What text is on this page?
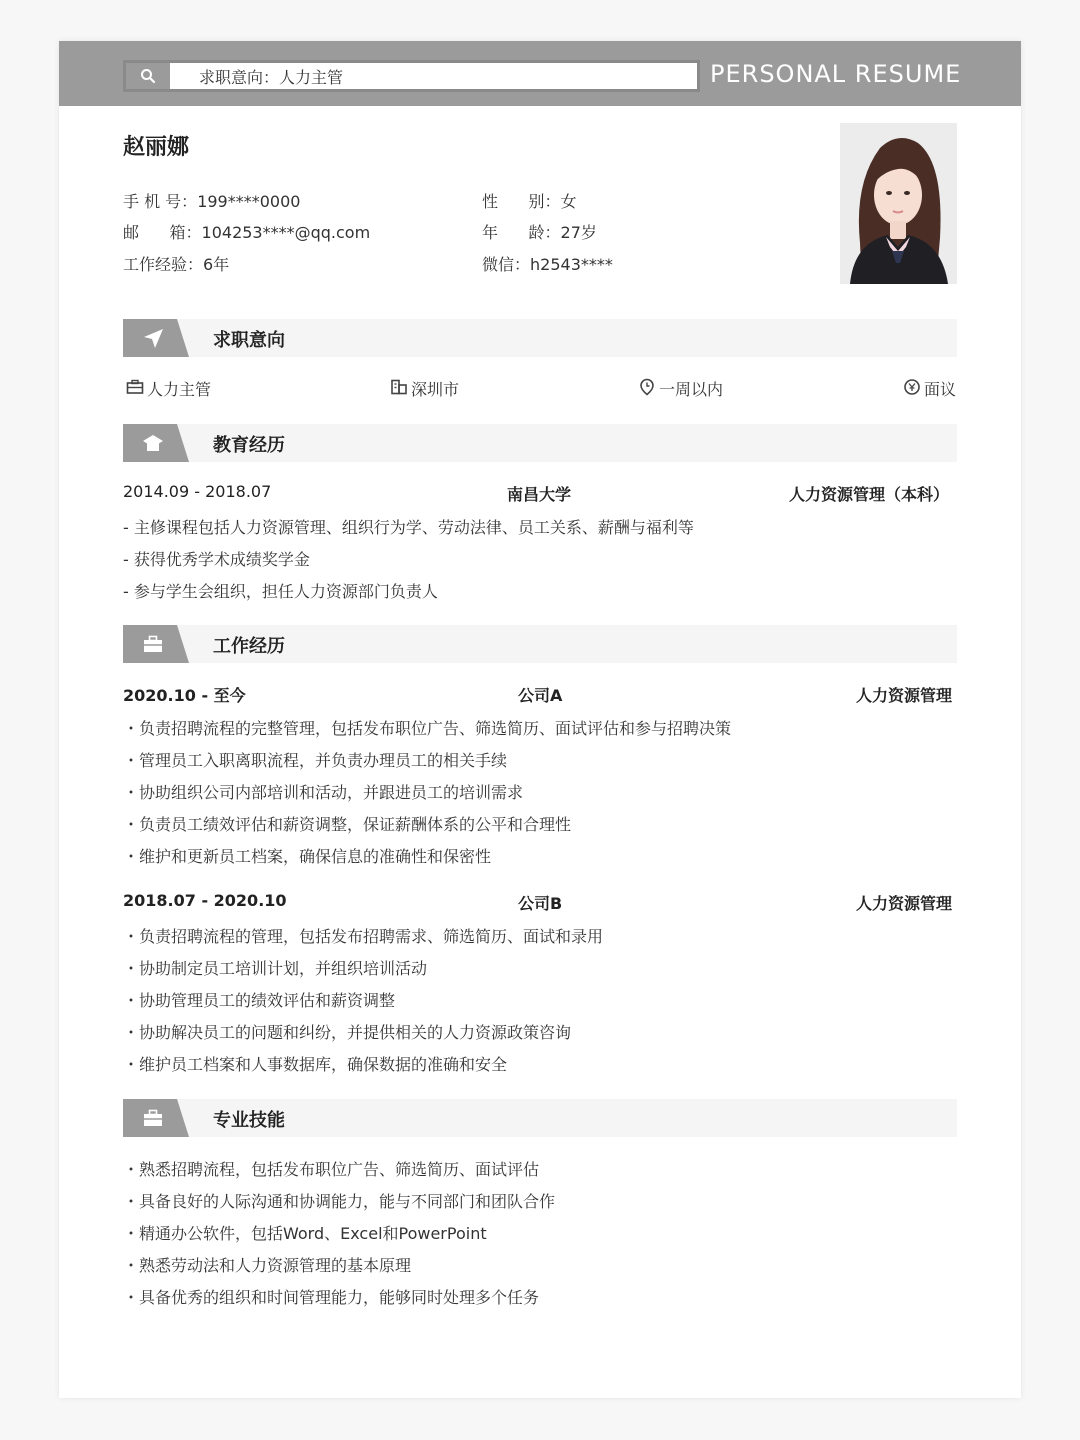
求职意向：人力主管	PERSONAL RESUME
赵丽娜
手 机 号：199****0000
邮      箱：104253****@qq.com
工作经验：6年
性      别：女
年      龄：27岁
微信：h2543****
求职意向
人力主管	深圳市	一周以内	面议
教育经历
2014.09 - 2018.07	南昌大学	人力资源管理（本科）
- 主修课程包括人力资源管理、组织行为学、劳动法律、员工关系、薪酬与福利等
- 获得优秀学术成绩奖学金
- 参与学生会组织，担任人力资源部门负责人
工作经历
2020.10 - 至今	公司A	人力资源管理
・负责招聘流程的完整管理，包括发布职位广告、筛选简历、面试评估和参与招聘决策
・管理员工入职离职流程，并负责办理员工的相关手续
・协助组织公司内部培训和活动，并跟进员工的培训需求
・负责员工绩效评估和薪资调整，保证薪酬体系的公平和合理性
・维护和更新员工档案，确保信息的准确性和保密性
2018.07 - 2020.10	公司B	人力资源管理
・负责招聘流程的管理，包括发布招聘需求、筛选简历、面试和录用
・协助制定员工培训计划，并组织培训活动
・协助管理员工的绩效评估和薪资调整
・协助解决员工的问题和纠纷，并提供相关的人力资源政策咨询
・维护员工档案和人事数据库，确保数据的准确和安全
专业技能
・熟悉招聘流程，包括发布职位广告、筛选简历、面试评估
・具备良好的人际沟通和协调能力，能与不同部门和团队合作
・精通办公软件，包括Word、Excel和PowerPoint
・熟悉劳动法和人力资源管理的基本原理
・具备优秀的组织和时间管理能力，能够同时处理多个任务
